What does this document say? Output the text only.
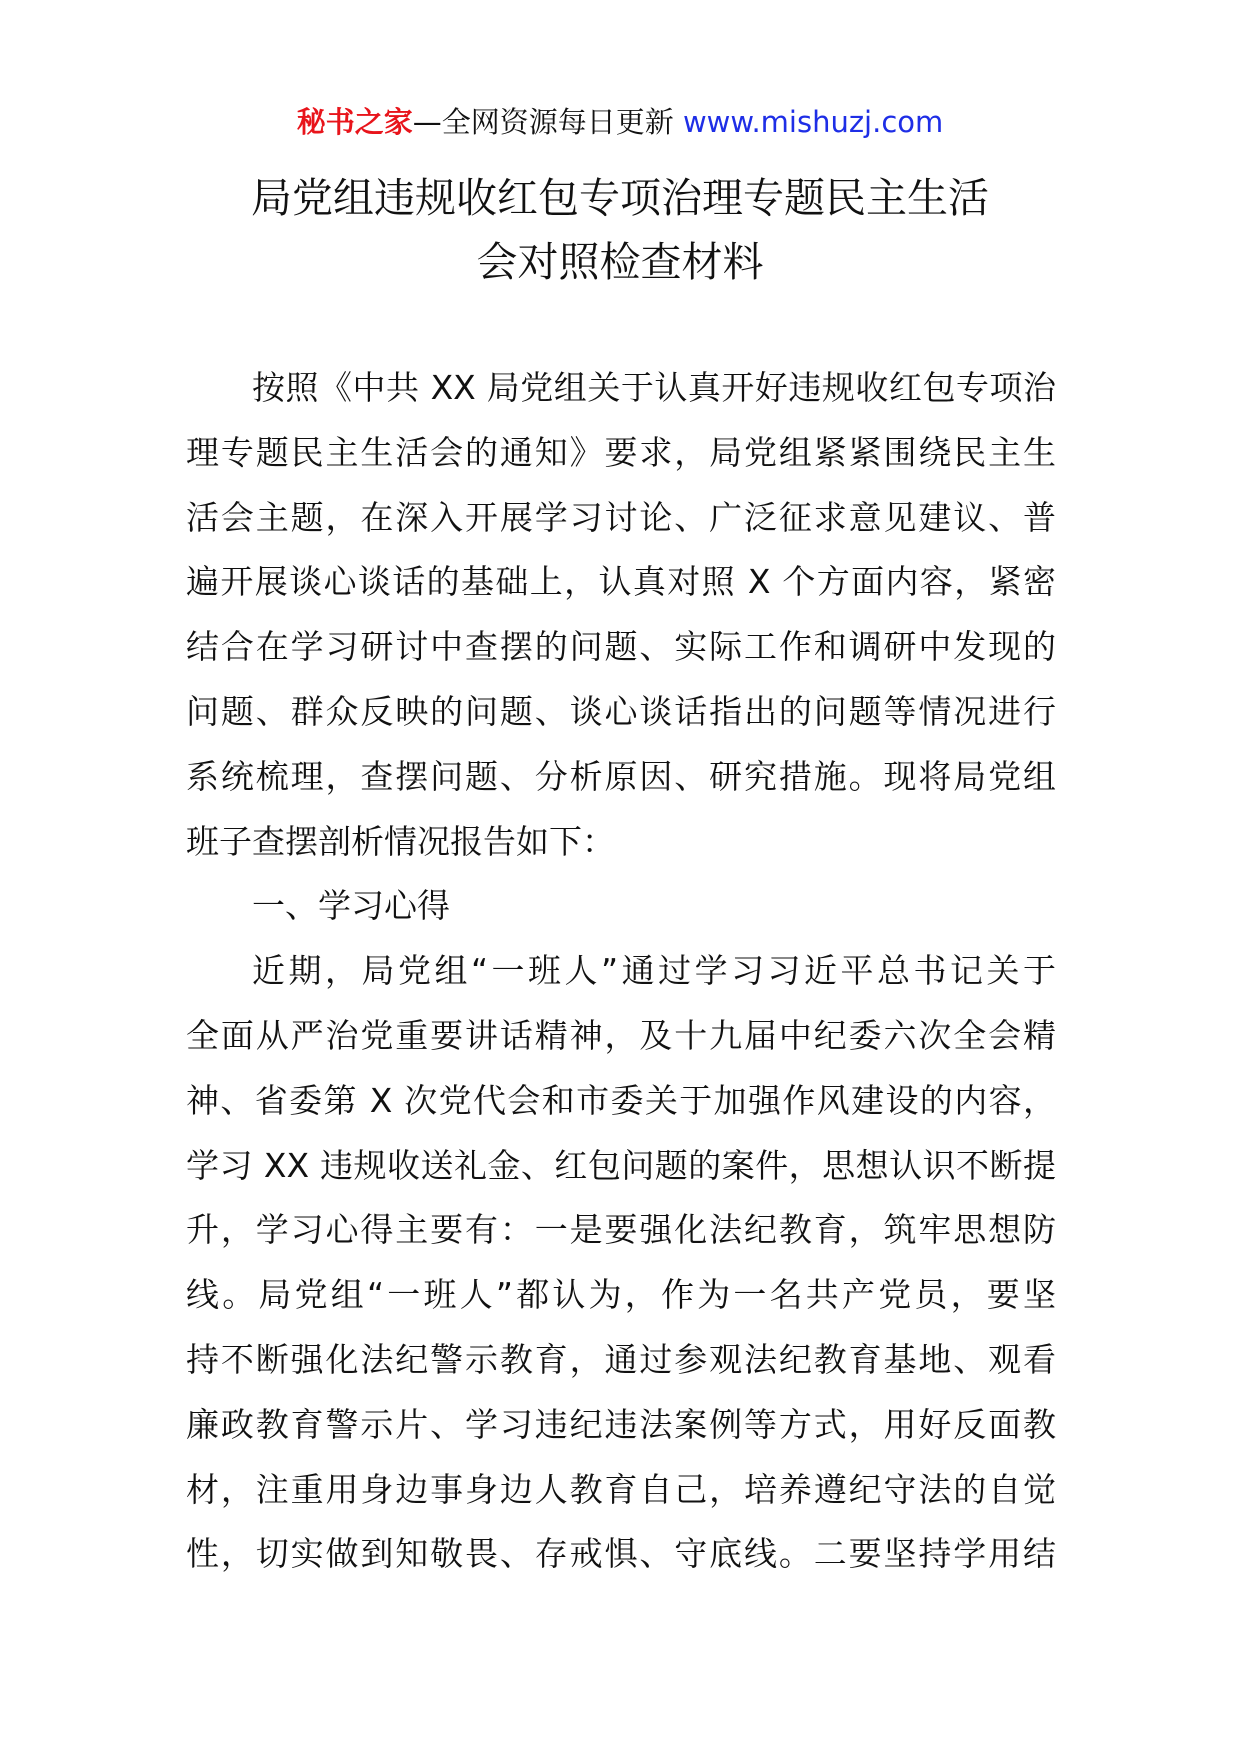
秘书之家—全网资源每日更新 www.mishuzj.com
局党组违规收红包专项治理专题民主生活
会对照检查材料
按照《中共 XX 局党组关于认真开好违规收红包专项治
理专题民主生活会的通知》要求，局党组紧紧围绕民主生
活会主题，在深入开展学习讨论、广泛征求意见建议、普
遍开展谈心谈话的基础上，认真对照 X 个方面内容，紧密
结合在学习研讨中查摆的问题、实际工作和调研中发现的
问题、群众反映的问题、谈心谈话指出的问题等情况进行
系统梳理，查摆问题、分析原因、研究措施。现将局党组
班子查摆剖析情况报告如下：
一、学习心得
近期，局党组“一班人”通过学习习近平总书记关于
全面从严治党重要讲话精神，及十九届中纪委六次全会精
神、省委第 X 次党代会和市委关于加强作风建设的内容，
学习 XX 违规收送礼金、红包问题的案件，思想认识不断提
升，学习心得主要有：一是要强化法纪教育，筑牢思想防
线。局党组“一班人”都认为，作为一名共产党员，要坚
持不断强化法纪警示教育，通过参观法纪教育基地、观看
廉政教育警示片、学习违纪违法案例等方式，用好反面教
材，注重用身边事身边人教育自己，培养遵纪守法的自觉
性，切实做到知敬畏、存戒惧、守底线。二要坚持学用结
